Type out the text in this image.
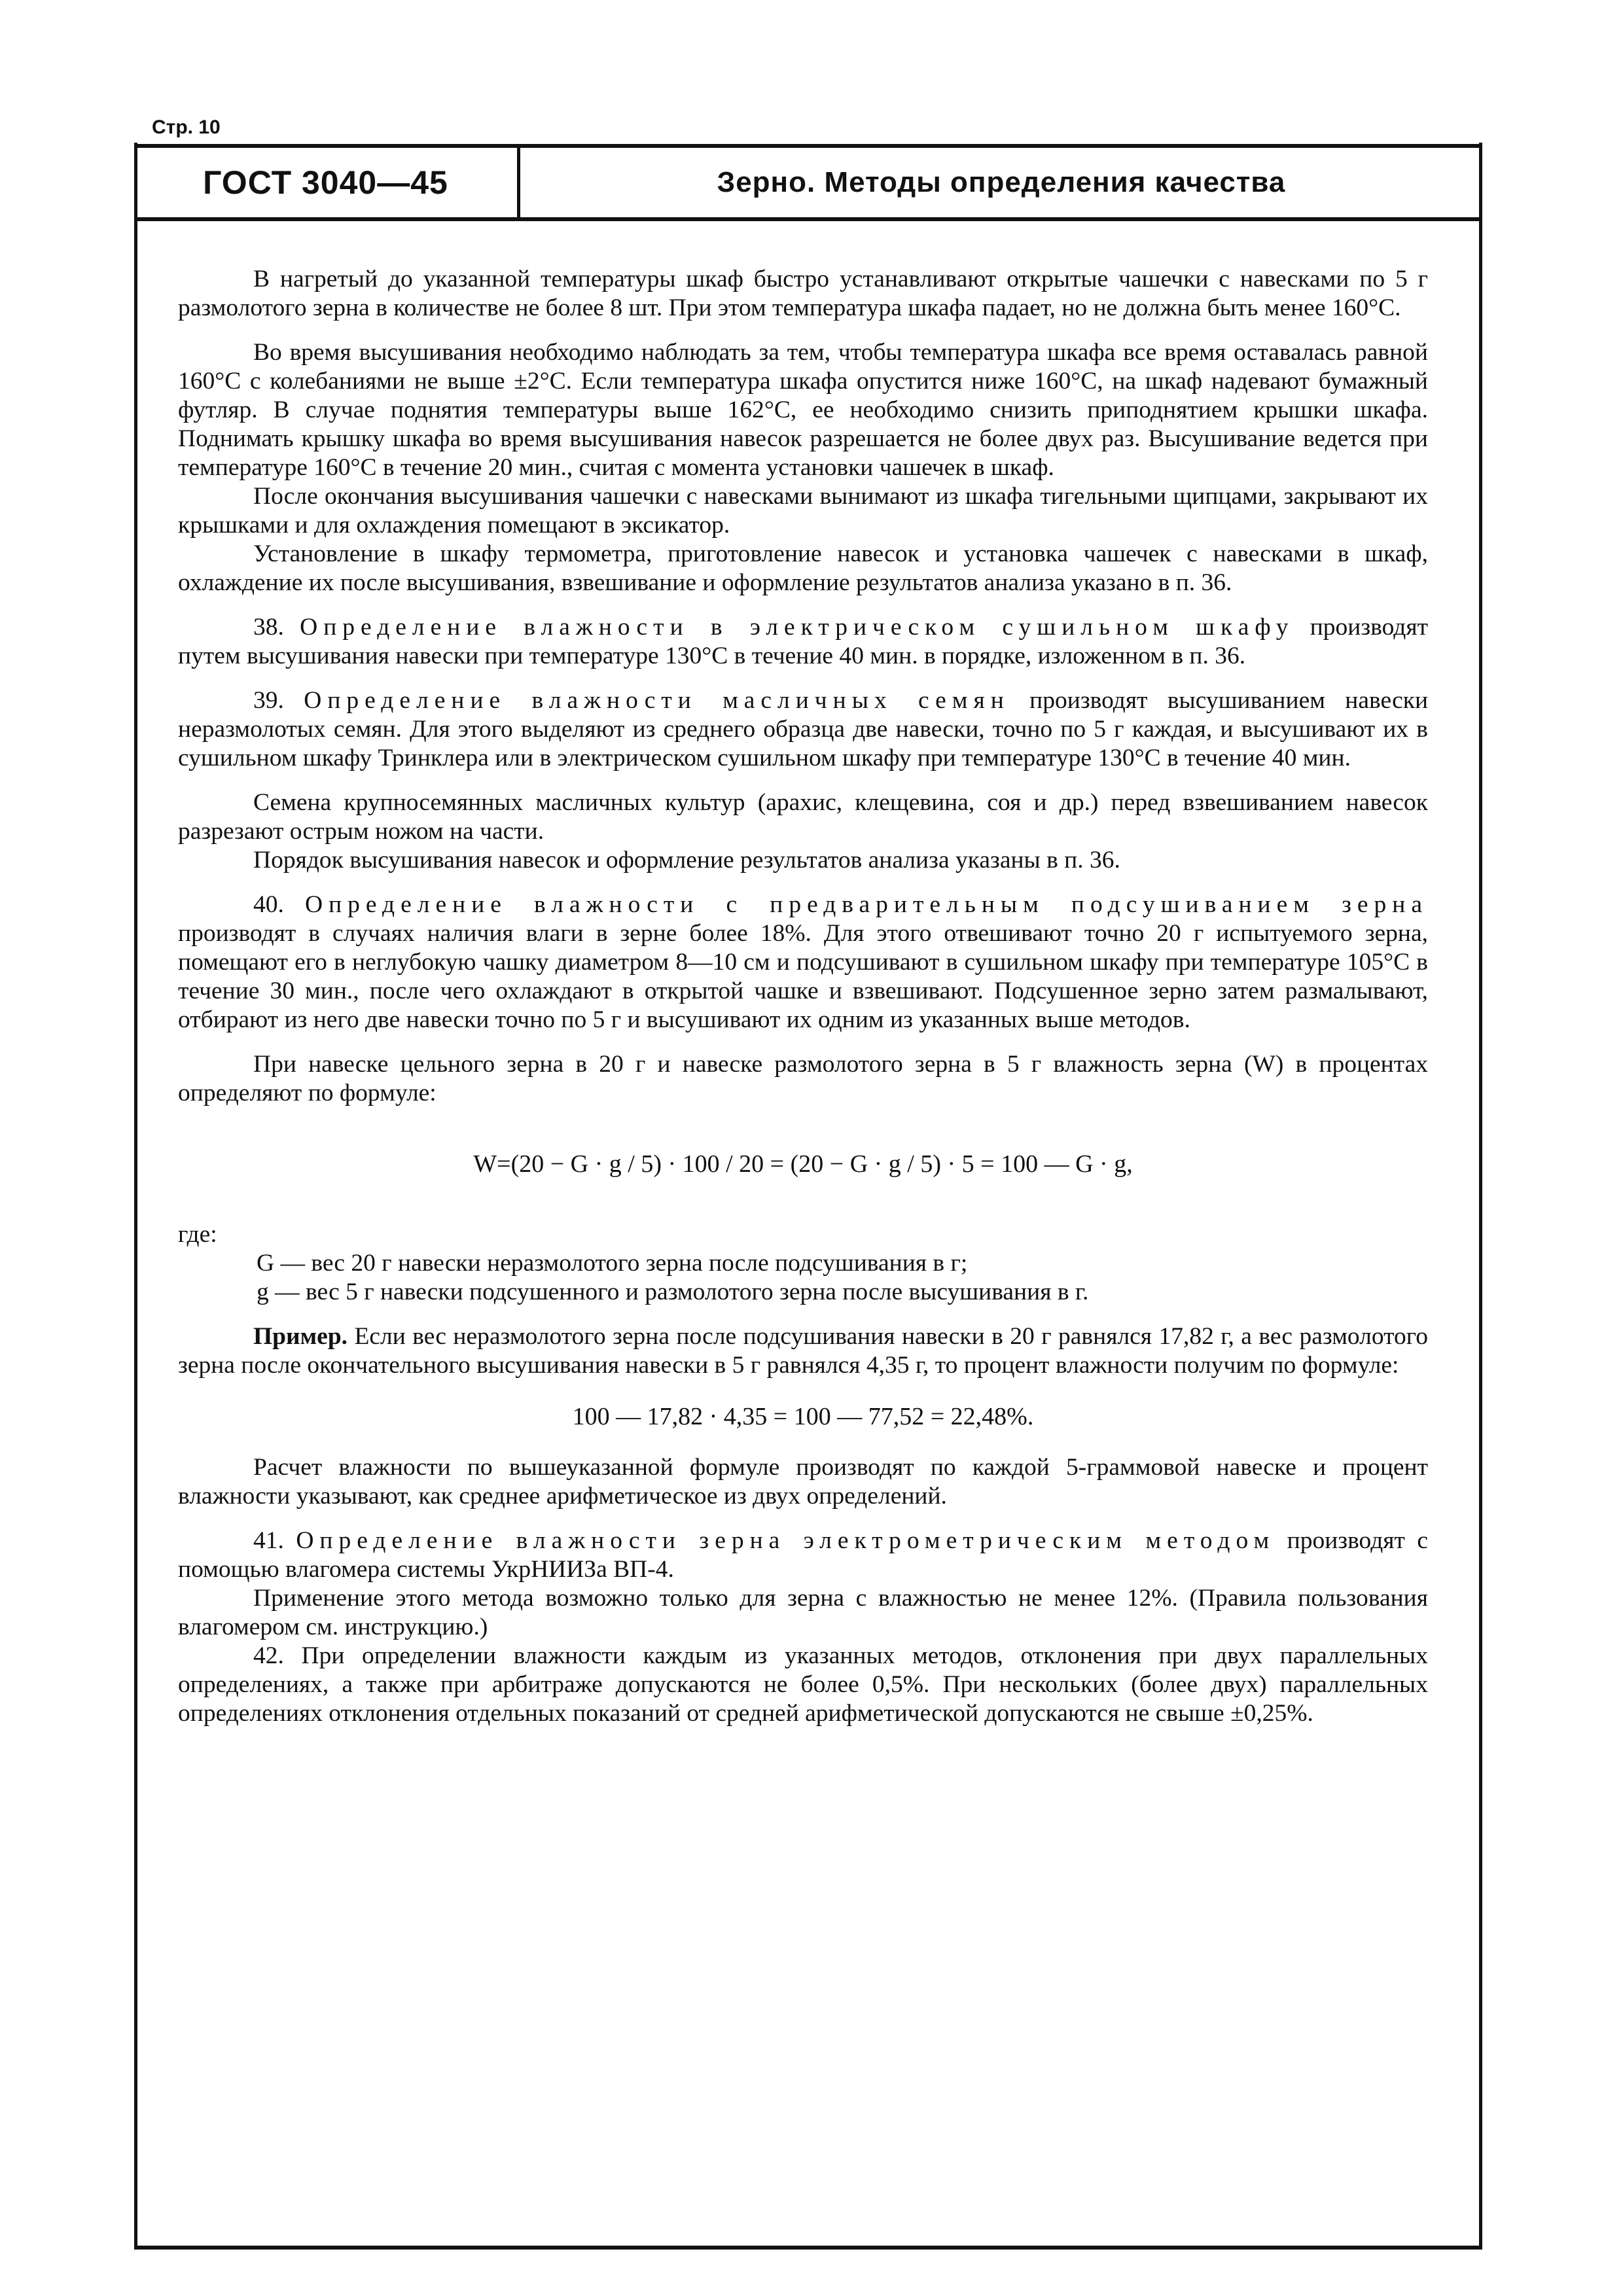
Стр. 10
ГОСТ 3040—45	Зерно. Методы определения качества

В нагретый до указанной температуры шкаф быстро устанавливают открытые чашечки с навесками по 5 г размолотого зерна в количестве не более 8 шт. При этом температура шкафа падает, но не должна быть менее 160°С.

Во время высушивания необходимо наблюдать за тем, чтобы температура шкафа все время оставалась равной 160°С с колебаниями не выше ±2°С. Если температура шкафа опустится ниже 160°С, на шкаф надевают бумажный футляр. В случае поднятия температуры выше 162°С, ее необходимо снизить приподнятием крышки шкафа. Поднимать крышку шкафа во время высушивания навесок разрешается не более двух раз. Высушивание ведется при температуре 160°С в течение 20 мин., считая с момента установки чашечек в шкаф.

После окончания высушивания чашечки с навесками вынимают из шкафа тигельными щипцами, закрывают их крышками и для охлаждения помещают в эксикатор.

Установление в шкафу термометра, приготовление навесок и установка чашечек с навесками в шкаф, охлаждение их после высушивания, взвешивание и оформление результатов анализа указано в п. 36.

38. Определение влажности в электрическом сушильном шкафу производят путем высушивания навески при температуре 130°С в течение 40 мин. в порядке, изложенном в п. 36.

39. Определение влажности масличных семян производят высушиванием навески неразмолотых семян. Для этого выделяют из среднего образца две навески, точно по 5 г каждая, и высушивают их в сушильном шкафу Тринклера или в электрическом сушильном шкафу при температуре 130°С в течение 40 мин.

Семена крупносемянных масличных культур (арахис, клещевина, соя и др.) перед взвешиванием навесок разрезают острым ножом на части.

Порядок высушивания навесок и оформление результатов анализа указаны в п. 36.

40. Определение влажности с предварительным подсушиванием зерна производят в случаях наличия влаги в зерне более 18%. Для этого отвешивают точно 20 г испытуемого зерна, помещают его в неглубокую чашку диаметром 8—10 см и подсушивают в сушильном шкафу при температуре 105°С в течение 30 мин., после чего охлаждают в открытой чашке и взвешивают. Подсушенное зерно затем размалывают, отбирают из него две навески точно по 5 г и высушивают их одним из указанных выше методов.

При навеске цельного зерна в 20 г и навеске размолотого зерна в 5 г влажность зерна (W) в процентах определяют по формуле:

W=(20 − G · g / 5) · 100 / 20 = (20 − G · g / 5) · 5 = 100 — G · g,

где:

G — вес 20 г навески неразмолотого зерна после подсушивания в г;

g — вес 5 г навески подсушенного и размолотого зерна после высушивания в г.

Пример. Если вес неразмолотого зерна после подсушивания навески в 20 г равнялся 17,82 г, а вес размолотого зерна после окончательного высушивания навески в 5 г равнялся 4,35 г, то процент влажности получим по формуле:

100 — 17,82 · 4,35 = 100 — 77,52 = 22,48%.

Расчет влажности по вышеуказанной формуле производят по каждой 5-граммовой навеске и процент влажности указывают, как среднее арифметическое из двух определений.

41. Определение влажности зерна электрометрическим методом производят с помощью влагомера системы УкрНИИЗа ВП-4.

Применение этого метода возможно только для зерна с влажностью не менее 12%. (Правила пользования влагомером см. инструкцию.)

42. При определении влажности каждым из указанных методов, отклонения при двух параллельных определениях, а также при арбитраже допускаются не более 0,5%. При нескольких (более двух) параллельных определениях отклонения отдельных показаний от средней арифметической допускаются не свыше ±0,25%.
